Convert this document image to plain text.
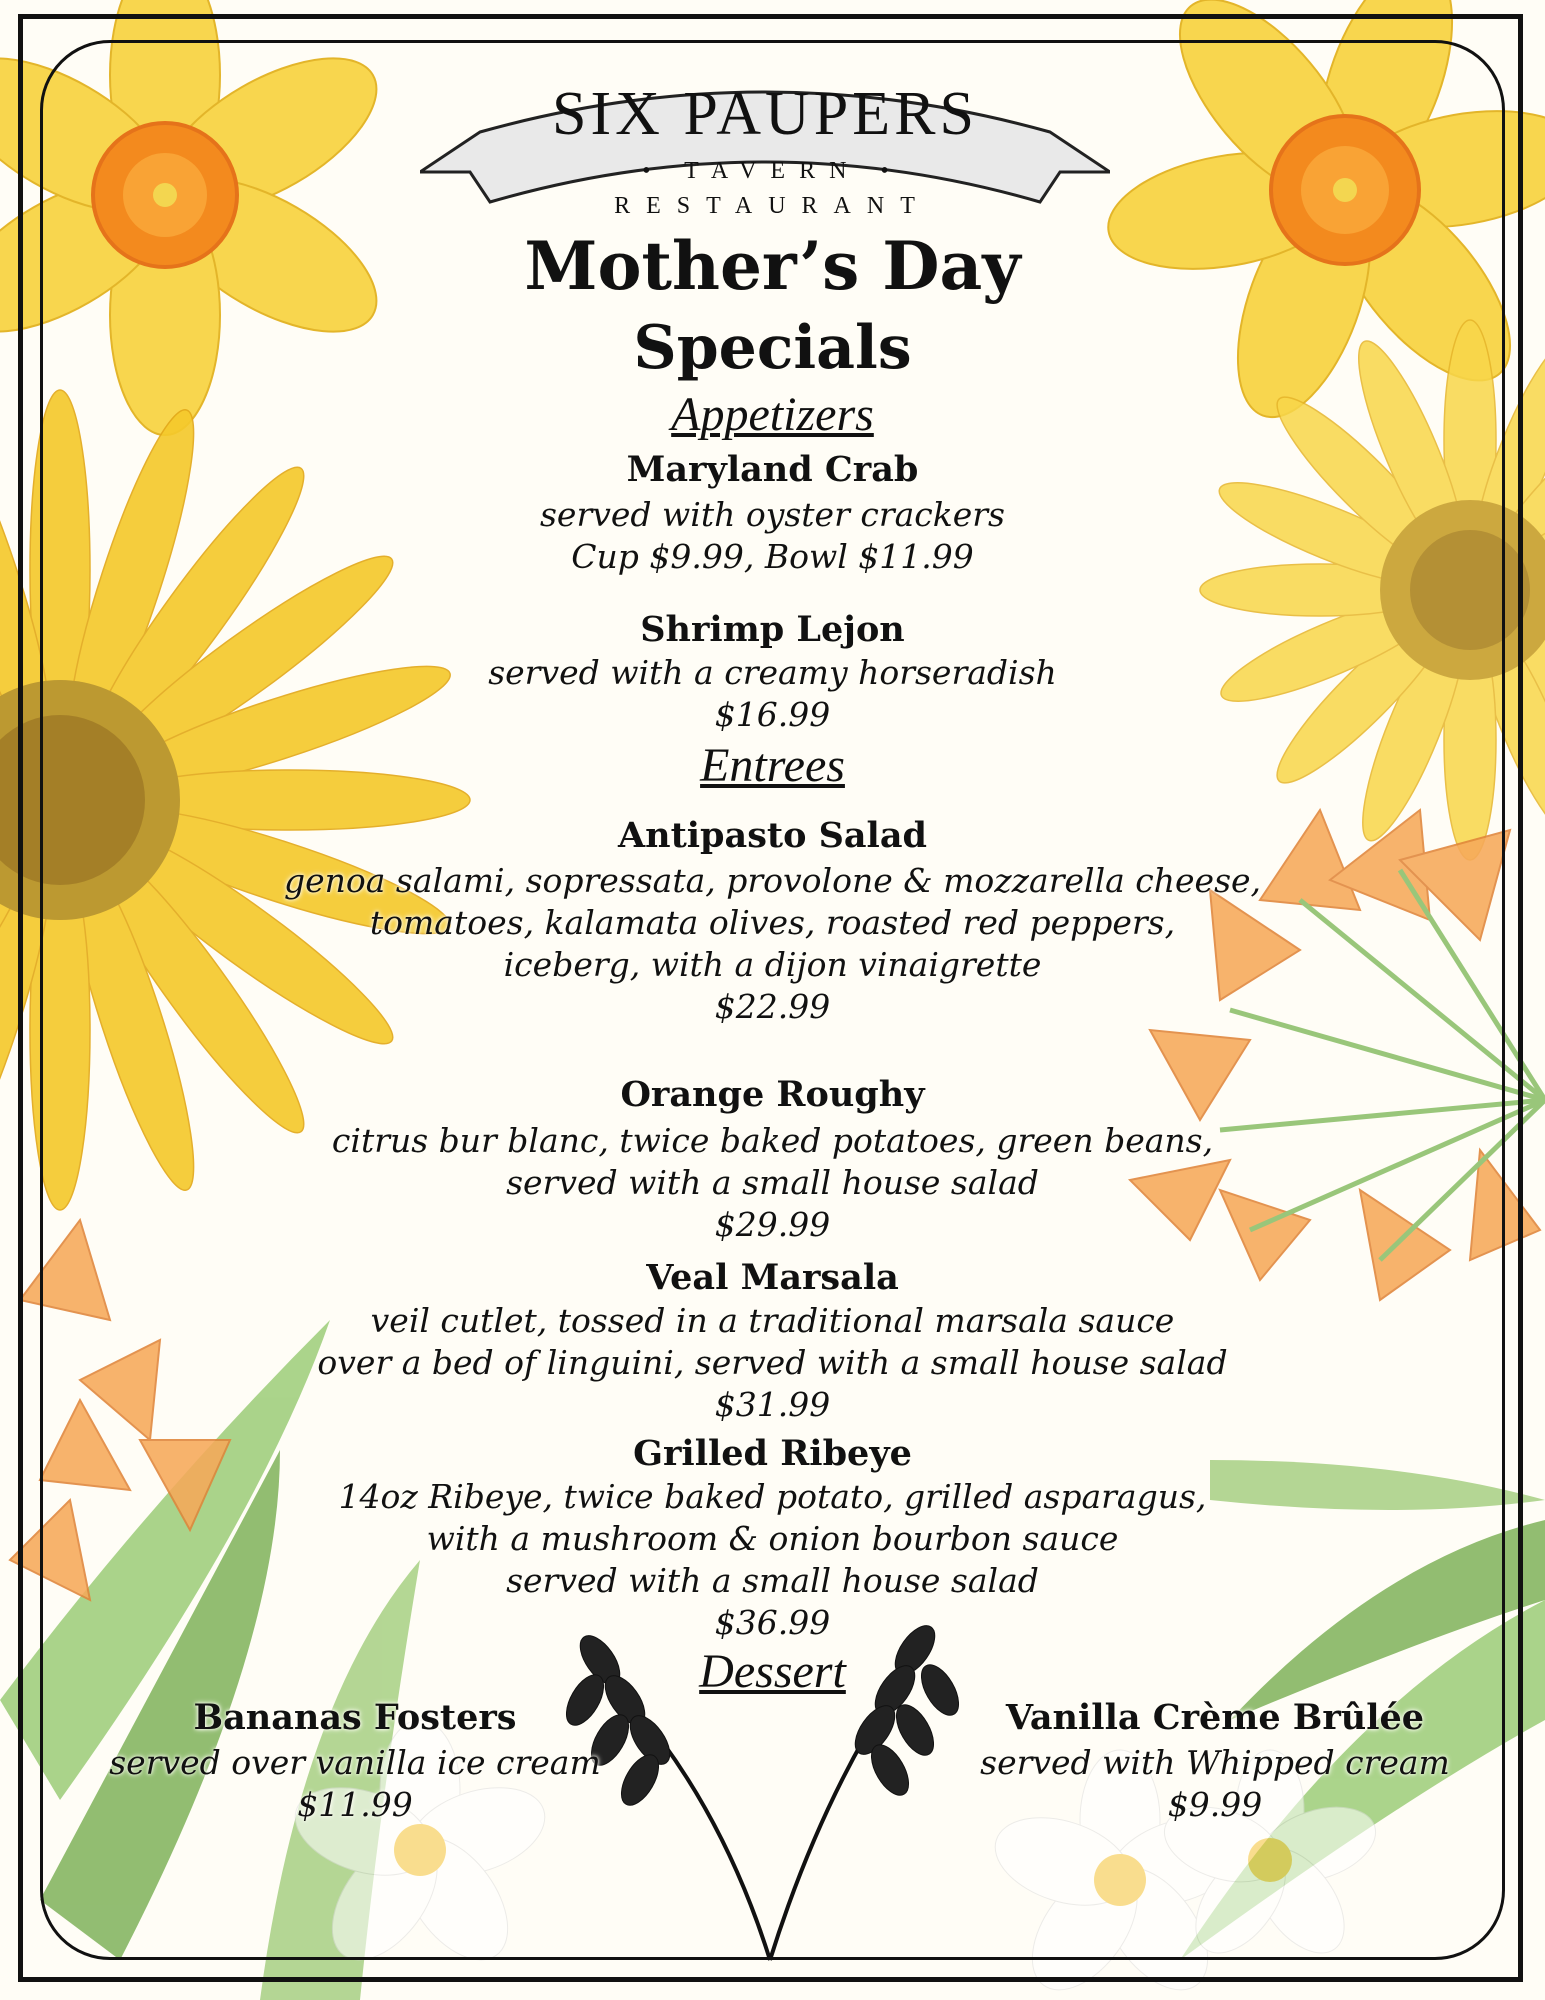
SIX PAUPERS
• TAVERN •
RESTAURANT
Mother’s Day
Specials
Appetizers
Maryland Crab
served with oyster crackers
Cup $9.99, Bowl $11.99
Shrimp Lejon
served with a creamy horseradish
$16.99
Entrees
Antipasto Salad
genoa salami, sopressata, provolone & mozzarella cheese,
tomatoes, kalamata olives, roasted red peppers,
iceberg, with a dijon vinaigrette
$22.99
Orange Roughy
citrus bur blanc, twice baked potatoes, green beans,
served with a small house salad
$29.99
Veal Marsala
veil cutlet, tossed in a traditional marsala sauce
over a bed of linguini, served with a small house salad
$31.99
Grilled Ribeye
14oz Ribeye, twice baked potato, grilled asparagus,
with a mushroom & onion bourbon sauce
served with a small house salad
$36.99
Dessert
Bananas Fosters
served over vanilla ice cream
$11.99
Vanilla Crème Brûlée
served with Whipped cream
$9.99
